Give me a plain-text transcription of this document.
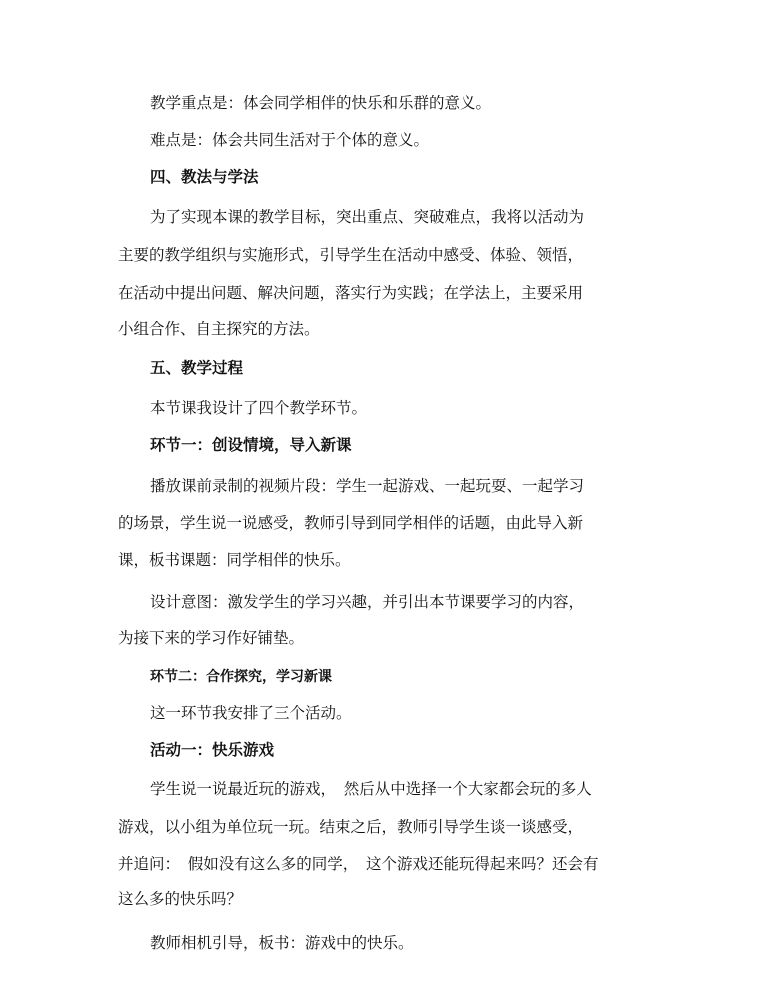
教学重点是：体会同学相伴的快乐和乐群的意义。

难点是：体会共同生活对于个体的意义。

四、教法与学法

为了实现本课的教学目标，突出重点、突破难点，我将以活动为

主要的教学组织与实施形式，引导学生在活动中感受、体验、领悟，

在活动中提出问题、解决问题，落实行为实践；在学法上，主要采用

小组合作、自主探究的方法。

五、教学过程

本节课我设计了四个教学环节。

环节一：创设情境，导入新课

播放课前录制的视频片段：学生一起游戏、一起玩耍、一起学习

的场景，学生说一说感受，教师引导到同学相伴的话题，由此导入新

课，板书课题：同学相伴的快乐。

设计意图：激发学生的学习兴趣，并引出本节课要学习的内容，

为接下来的学习作好铺垫。

环节二：合作探究，学习新课

这一环节我安排了三个活动。

活动一：快乐游戏

学生说一说最近玩的游戏，　然后从中选择一个大家都会玩的多人

游戏，以小组为单位玩一玩。结束之后，教师引导学生谈一谈感受，

并追问：　假如没有这么多的同学，　这个游戏还能玩得起来吗？还会有

这么多的快乐吗？

教师相机引导，板书：游戏中的快乐。
